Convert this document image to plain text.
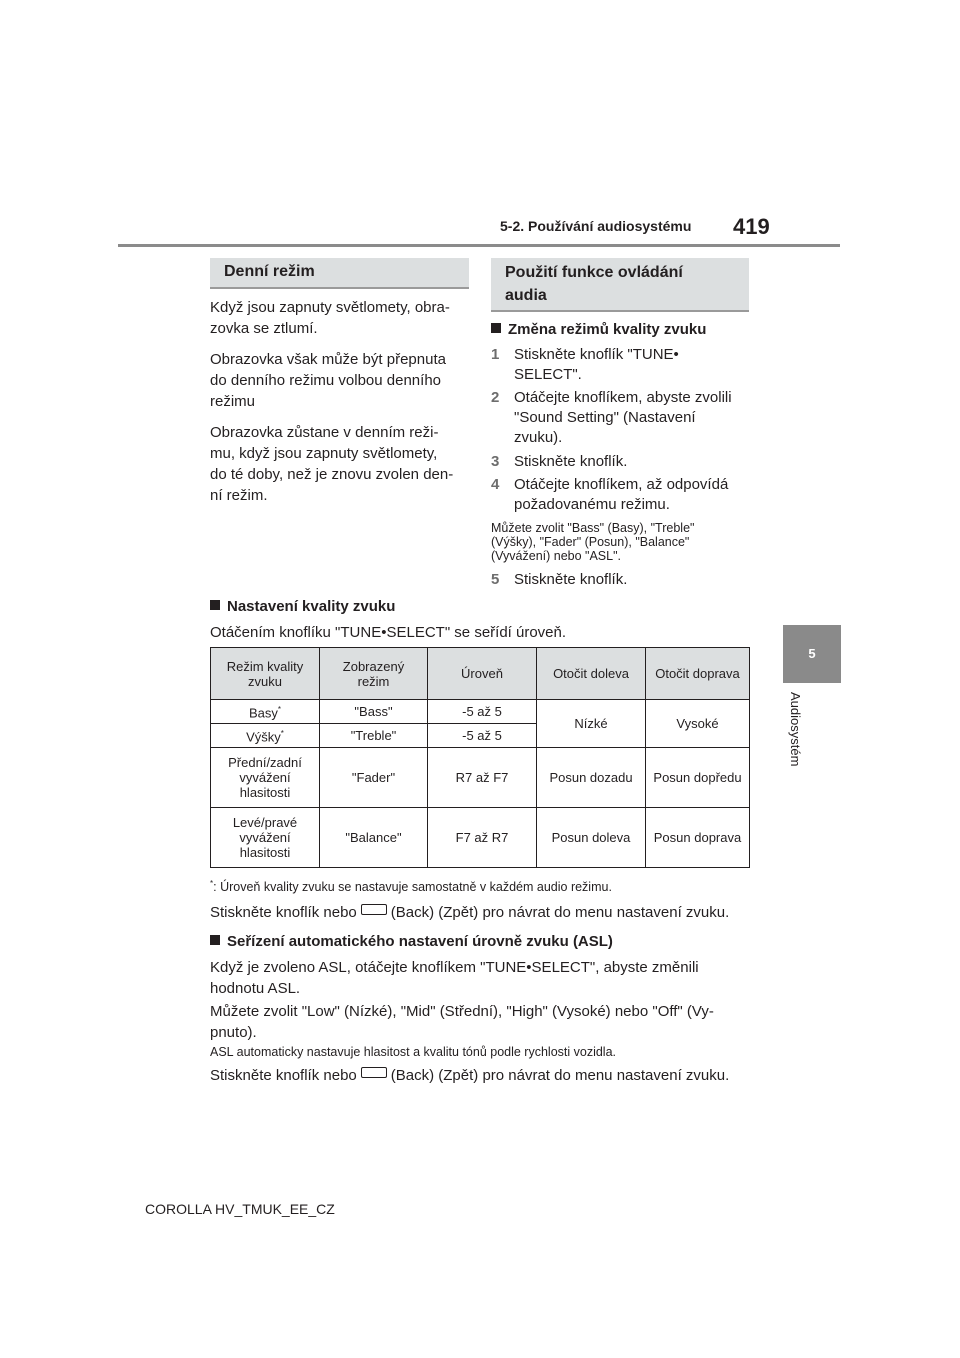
5-2. Používání audiosystému 419
5
Audiosystém
Denní režim
Když jsou zapnuty světlomety, obra-
zovka se ztlumí.
Obrazovka však může být přepnuta
do denního režimu volbou denního
režimu
Obrazovka zůstane v denním reži-
mu, když jsou zapnuty světlomety,
do té doby, než je znovu zvolen den-
ní režim.
Použití funkce ovládání
audia
Změna režimů kvality zvuku
1 Stiskněte knoflík "TUNE•
SELECT".
2 Otáčejte knoflíkem, abyste zvolili
"Sound Setting" (Nastavení
zvuku).
3 Stiskněte knoflík.
4 Otáčejte knoflíkem, až odpovídá
požadovanému režimu.
Můžete zvolit "Bass" (Basy), "Treble"
(Výšky), "Fader" (Posun), "Balance"
(Vyvážení) nebo "ASL".
5 Stiskněte knoflík.
Nastavení kvality zvuku
Otáčením knoflíku "TUNE•SELECT" se seřídí úroveň.
Režim kvality
zvuku	Zobrazený
režim	Úroveň	Otočit doleva	Otočit doprava
Basy*	"Bass"	-5 až 5	Nízké	Vysoké
Výšky*	"Treble"	-5 až 5		
Přední/zadní
vyvážení
hlasitosti	"Fader"	R7 až F7	Posun dozadu	Posun dopředu
Levé/pravé
vyvážení
hlasitosti	"Balance"	F7 až R7	Posun doleva	Posun doprava
*: Úroveň kvality zvuku se nastavuje samostatně v každém audio režimu.
Stiskněte knoflík nebo (Back) (Zpět) pro návrat do menu nastavení zvuku.
Seřízení automatického nastavení úrovně zvuku (ASL)
Když je zvoleno ASL, otáčejte knoflíkem "TUNE•SELECT", abyste změnili
hodnotu ASL.
Můžete zvolit "Low" (Nízké), "Mid" (Střední), "High" (Vysoké) nebo "Off" (Vy-
pnuto).
ASL automaticky nastavuje hlasitost a kvalitu tónů podle rychlosti vozidla.
Stiskněte knoflík nebo (Back) (Zpět) pro návrat do menu nastavení zvuku.
COROLLA HV_TMUK_EE_CZ
